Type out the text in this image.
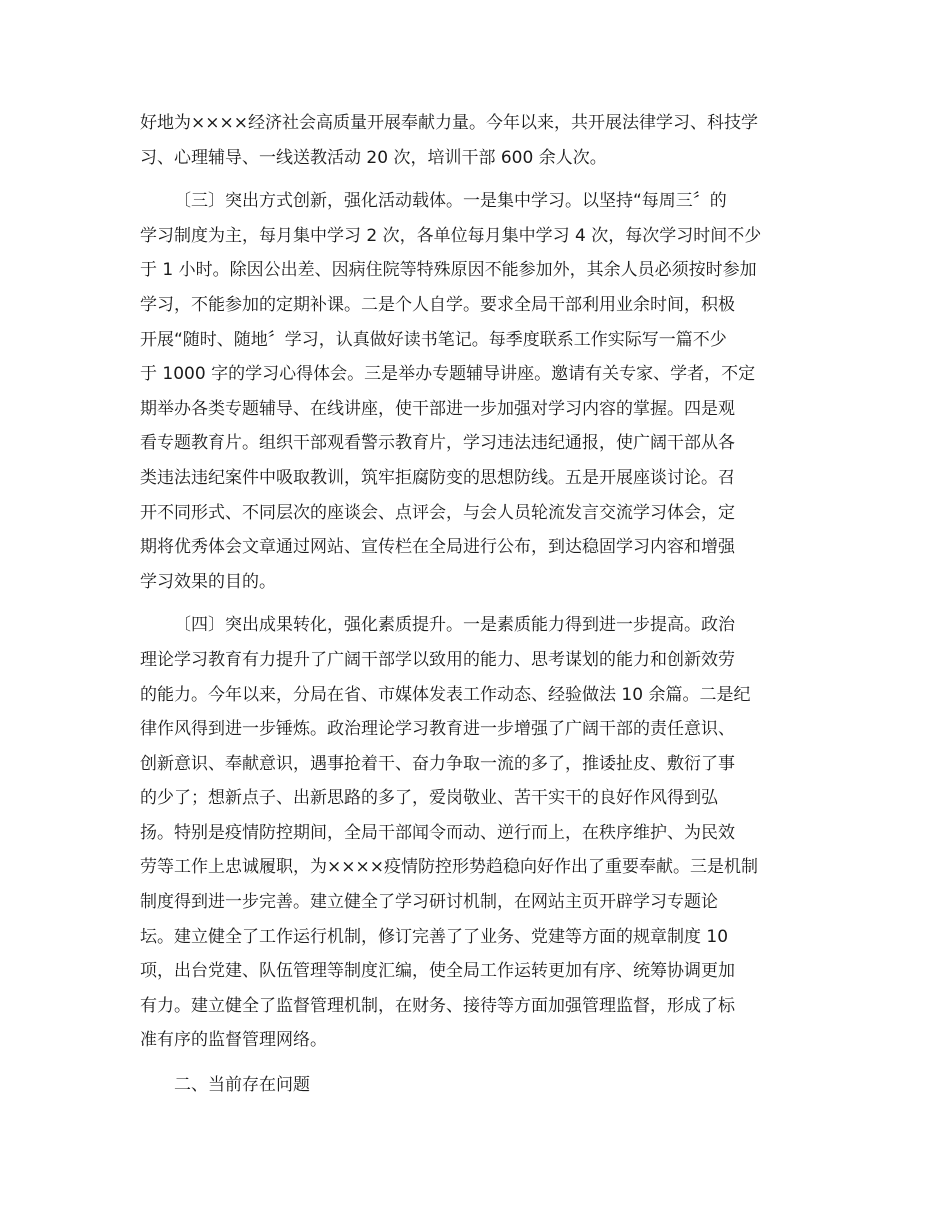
好地为××××经济社会高质量开展奉献力量。今年以来，共开展法律学习、科技学
习、心理辅导、一线送教活动 20 次，培训干部 600 余人次。
〔三〕突出方式创新，强化活动载体。一是集中学习。以坚持“每周三〞的
学习制度为主，每月集中学习 2 次，各单位每月集中学习 4 次，每次学习时间不少
于 1 小时。除因公出差、因病住院等特殊原因不能参加外，其余人员必须按时参加
学习，不能参加的定期补课。二是个人自学。要求全局干部利用业余时间，积极
开展“随时、随地〞学习，认真做好读书笔记。每季度联系工作实际写一篇不少
于 1000 字的学习心得体会。三是举办专题辅导讲座。邀请有关专家、学者，不定
期举办各类专题辅导、在线讲座，使干部进一步加强对学习内容的掌握。四是观
看专题教育片。组织干部观看警示教育片，学习违法违纪通报，使广阔干部从各
类违法违纪案件中吸取教训，筑牢拒腐防变的思想防线。五是开展座谈讨论。召
开不同形式、不同层次的座谈会、点评会，与会人员轮流发言交流学习体会，定
期将优秀体会文章通过网站、宣传栏在全局进行公布，到达稳固学习内容和增强
学习效果的目的。
〔四〕突出成果转化，强化素质提升。一是素质能力得到进一步提高。政治
理论学习教育有力提升了广阔干部学以致用的能力、思考谋划的能力和创新效劳
的能力。今年以来，分局在省、市媒体发表工作动态、经验做法 10 余篇。二是纪
律作风得到进一步锤炼。政治理论学习教育进一步增强了广阔干部的责任意识、
创新意识、奉献意识，遇事抢着干、奋力争取一流的多了，推诿扯皮、敷衍了事
的少了；想新点子、出新思路的多了，爱岗敬业、苦干实干的良好作风得到弘
扬。特别是疫情防控期间，全局干部闻令而动、逆行而上，在秩序维护、为民效
劳等工作上忠诚履职，为××××疫情防控形势趋稳向好作出了重要奉献。三是机制
制度得到进一步完善。建立健全了学习研讨机制，在网站主页开辟学习专题论
坛。建立健全了工作运行机制，修订完善了了业务、党建等方面的规章制度 10
项，出台党建、队伍管理等制度汇编，使全局工作运转更加有序、统筹协调更加
有力。建立健全了监督管理机制，在财务、接待等方面加强管理监督，形成了标
准有序的监督管理网络。
二、当前存在问题
